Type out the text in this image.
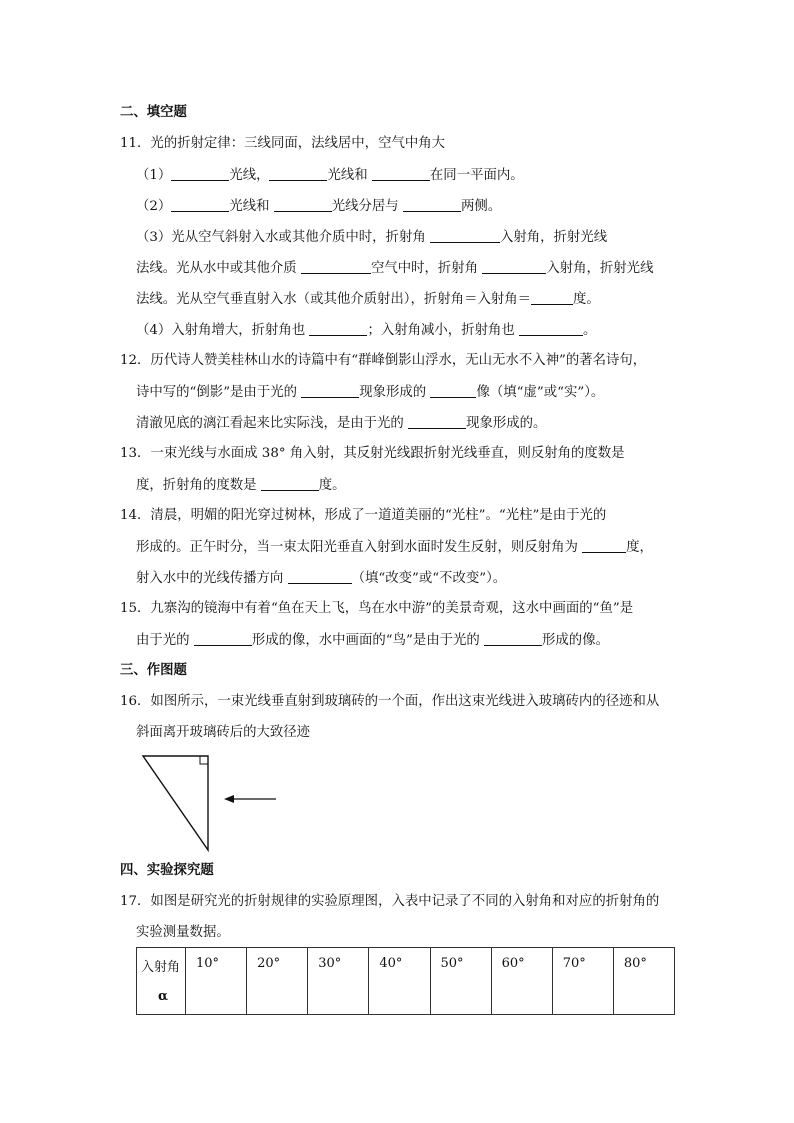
二、填空题
11．光的折射定律：三线同面，法线居中，空气中角大
（1）	光线，	光线和	在同一平面内。
（2）	光线和	光线分居与	两侧。
（3）光从空气斜射入水或其他介质中时，折射角	入射角，折射光线
法线。光从水中或其他介质	空气中时，折射角	入射角，折射光线
法线。光从空气垂直射入水（或其他介质射出），折射角＝入射角＝	度。
（4）入射角增大，折射角也	；入射角减小，折射角也	。
12．历代诗人赞美桂林山水的诗篇中有“群峰倒影山浮水，无山无水不入神”的著名诗句，
诗中写的“倒影”是由于光的	现象形成的	像（填“虚”或“实”）。
清澈见底的漓江看起来比实际浅，是由于光的	现象形成的。
13．一束光线与水面成 38° 角入射，其反射光线跟折射光线垂直，则反射角的度数是
度，折射角的度数是	度。
14．清晨，明媚的阳光穿过树林，形成了一道道美丽的“光柱”。“光柱”是由于光的
形成的。正午时分，当一束太阳光垂直入射到水面时发生反射，则反射角为	度，
射入水中的光线传播方向	（填“改变”或“不改变”）。
15．九寨沟的镜海中有着“鱼在天上飞，鸟在水中游”的美景奇观，这水中画面的“鱼”是
由于光的	形成的像，水中画面的“鸟”是由于光的	形成的像。
三、作图题
16．如图所示，一束光线垂直射到玻璃砖的一个面，作出这束光线进入玻璃砖内的径迹和从
斜面离开玻璃砖后的大致径迹
四、实验探究题
17．如图是研究光的折射规律的实验原理图，入表中记录了不同的入射角和对应的折射角的
实验测量数据。
入射角
α
	10°	20°	30°	40°	50°	60°	70°	80°
